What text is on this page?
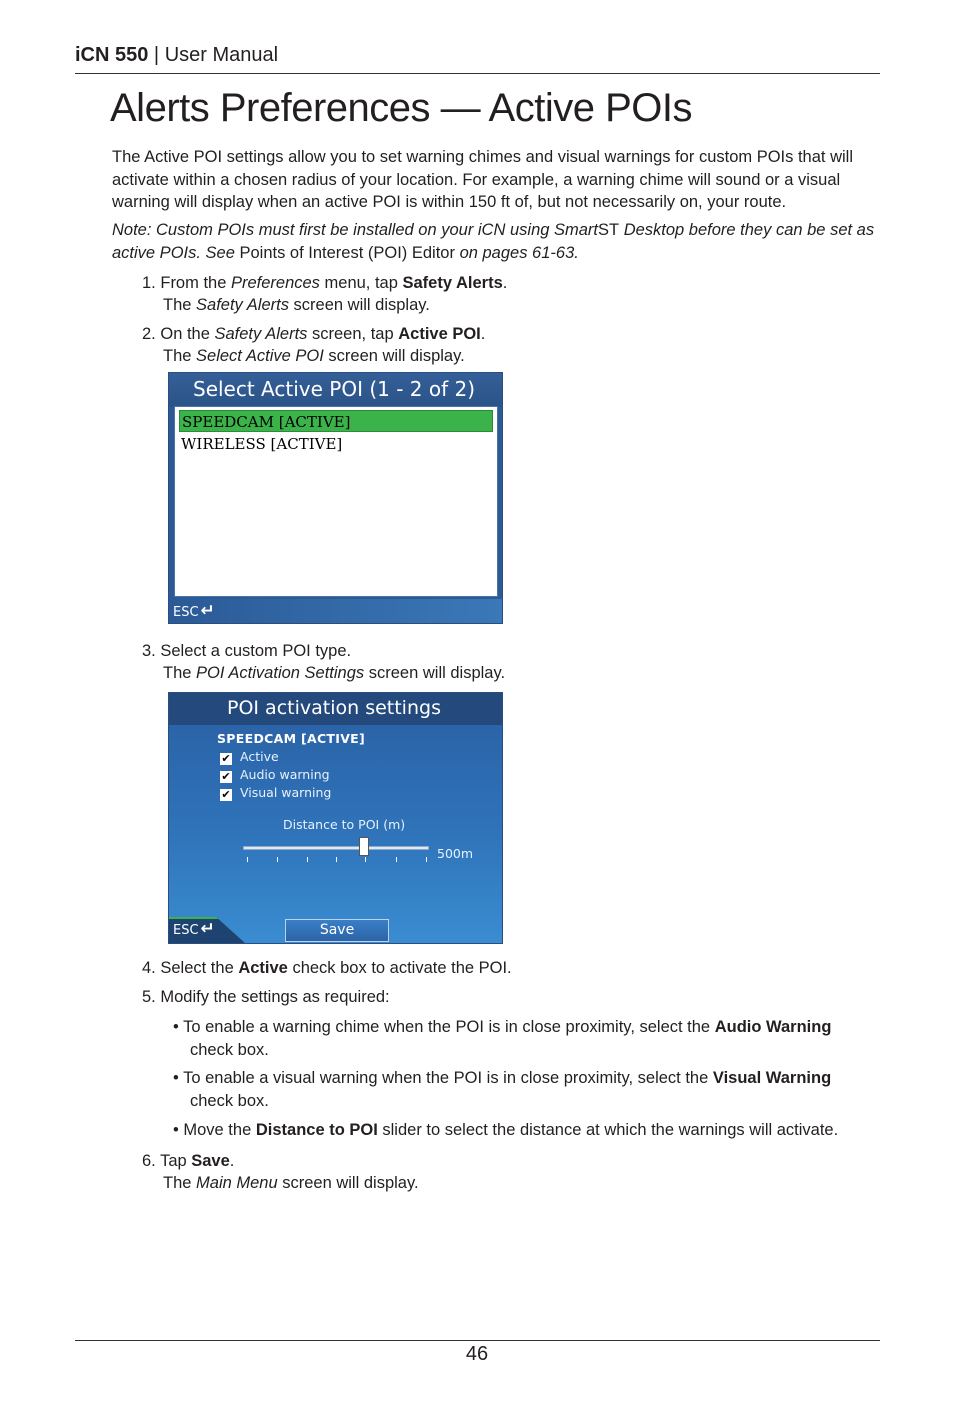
iCN 550 | User Manual
Alerts Preferences — Active POIs

The Active POI settings allow you to set warning chimes and visual warnings for custom POIs that will activate within a chosen radius of your location. For example, a warning chime will sound or a visual warning will display when an active POI is within 150 ft of, but not necessarily on, your route.

Note: Custom POIs must first be installed on your iCN using SmartST Desktop before they can be set as active POIs. See Points of Interest (POI) Editor on pages 61-63.

1. From the Preferences menu, tap Safety Alerts.
The Safety Alerts screen will display.
2. On the Safety Alerts screen, tap Active POI.
The Select Active POI screen will display.
Select Active POI (1 - 2 of 2)
SPEEDCAM [ACTIVE]
WIRELESS [ACTIVE]
ESC ↵
3. Select a custom POI type.
The POI Activation Settings screen will display.
POI activation settings
SPEEDCAM [ACTIVE]
✔ Active
✔ Audio warning
✔ Visual warning
Distance to POI (m)
500m
ESC ↵	Save
4. Select the Active check box to activate the POI.
5. Modify the settings as required:
• To enable a warning chime when the POI is in close proximity, select the Audio Warning
check box.
• To enable a visual warning when the POI is in close proximity, select the Visual Warning
check box.
• Move the Distance to POI slider to select the distance at which the warnings will activate.
6. Tap Save.
The Main Menu screen will display.
46
